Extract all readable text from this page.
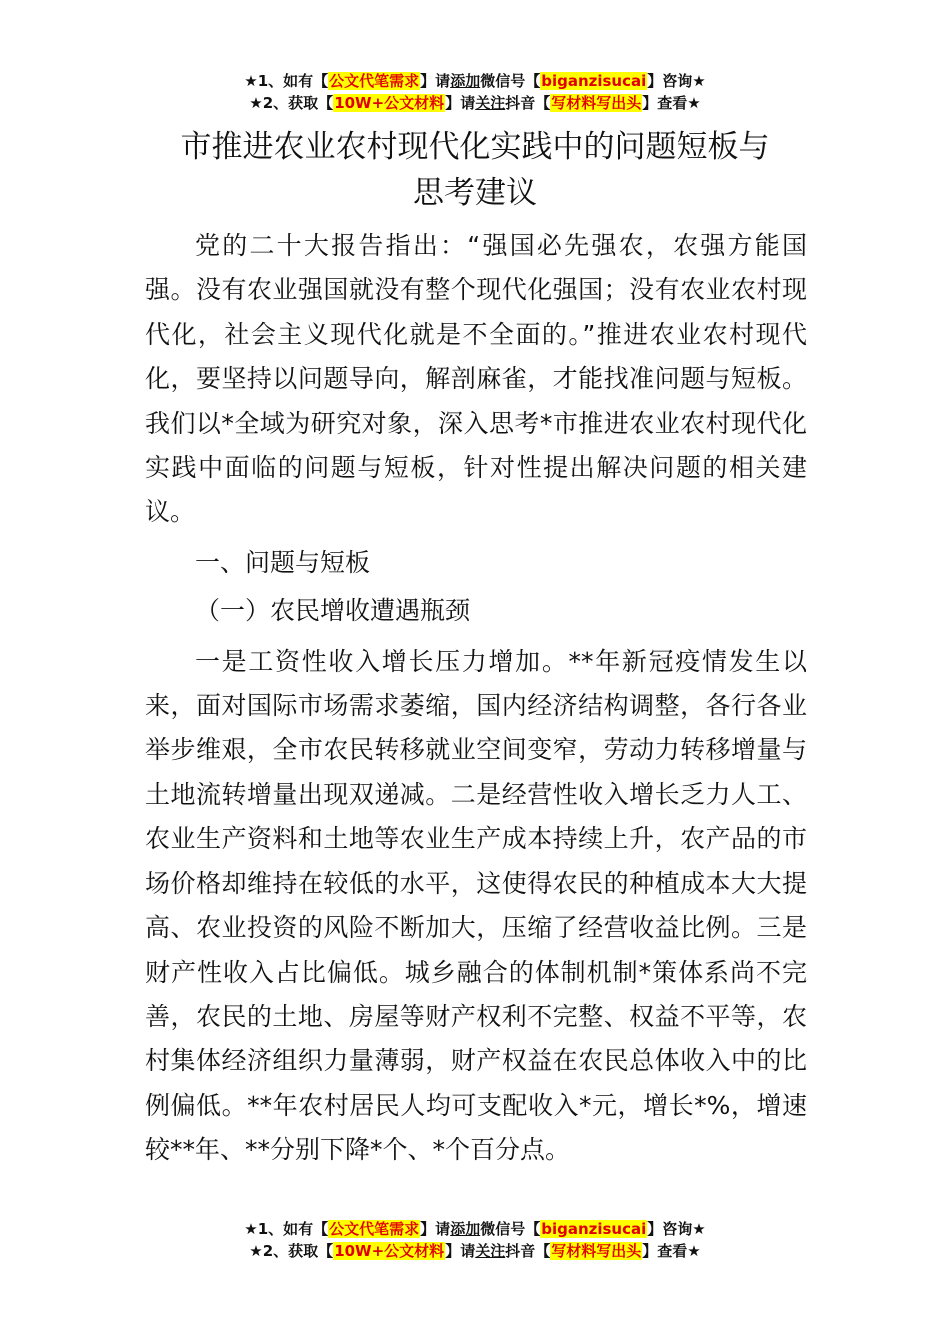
★1、如有【公文代笔需求】请添加微信号【biganzisucai】咨询★
★2、获取【10W+公文材料】请关注抖音【写材料写出头】查看★
市推进农业农村现代化实践中的问题短板与
思考建议

党的二十大报告指出：“强国必先强农，农强方能国强。没有农业强国就没有整个现代化强国；没有农业农村现代化，社会主义现代化就是不全面的。”推进农业农村现代化，要坚持以问题导向，解剖麻雀，才能找准问题与短板。我们以*全域为研究对象，深入思考*市推进农业农村现代化实践中面临的问题与短板，针对性提出解决问题的相关建议。

一、问题与短板

（一）农民增收遭遇瓶颈

一是工资性收入增长压力增加。**年新冠疫情发生以来，面对国际市场需求萎缩，国内经济结构调整，各行各业举步维艰，全市农民转移就业空间变窄，劳动力转移增量与土地流转增量出现双递减。二是经营性收入增长乏力人工、农业生产资料和土地等农业生产成本持续上升，农产品的市场价格却维持在较低的水平，这使得农民的种植成本大大提高、农业投资的风险不断加大，压缩了经营收益比例。三是财产性收入占比偏低。城乡融合的体制机制*策体系尚不完善，农民的土地、房屋等财产权利不完整、权益不平等，农村集体经济组织力量薄弱，财产权益在农民总体收入中的比例偏低。**年农村居民人均可支配收入*元，增长*%，增速较**年、**分别下降*个、*个百分点。

★1、如有【公文代笔需求】请添加微信号【biganzisucai】咨询★
★2、获取【10W+公文材料】请关注抖音【写材料写出头】查看★
